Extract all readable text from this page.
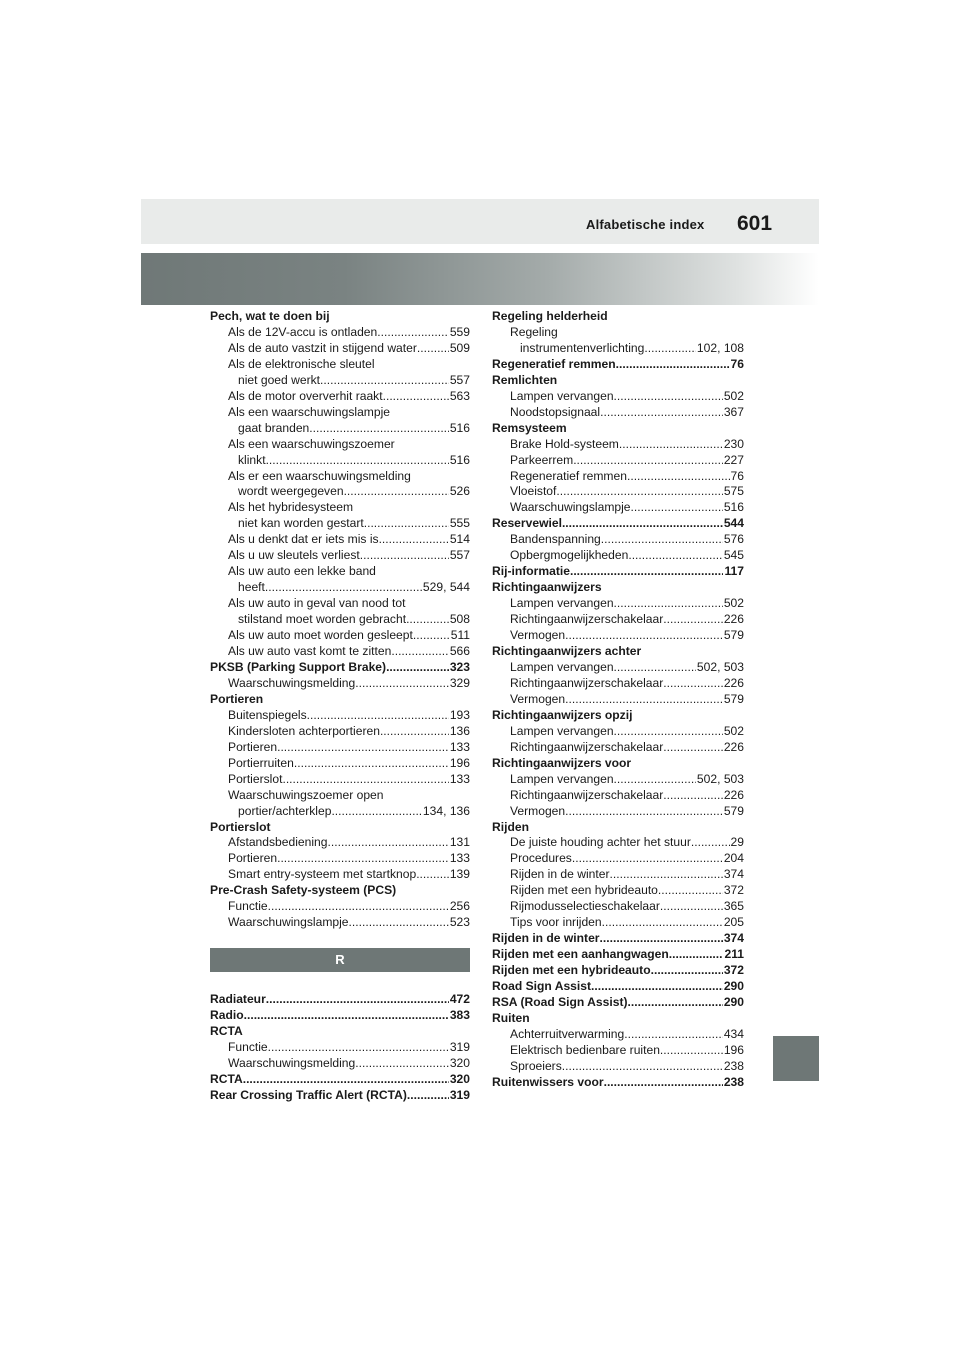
Alfabetische index 601
Pech, wat te doen bij
Als de 12V-accu is ontladen .....	559
Als de auto vastzit in stijgend water .....	509
Als de elektronische sleutel
niet goed werkt .....	557
Als de motor oververhit raakt .....	563
Als een waarschuwingslampje
gaat branden .....	516
Als een waarschuwingszoemer
klinkt .....	516
Als er een waarschuwingsmelding
wordt weergegeven .....	526
Als het hybridesysteem
niet kan worden gestart .....	555
Als u denkt dat er iets mis is .....	514
Als u uw sleutels verliest .....	557
Als uw auto een lekke band
heeft .....	529, 544
Als uw auto in geval van nood tot
stilstand moet worden gebracht .....	508
Als uw auto moet worden gesleept .....	511
Als uw auto vast komt te zitten .....	566
PKSB (Parking Support Brake) .....	323
Waarschuwingsmelding .....	329
Portieren
Buitenspiegels .....	193
Kindersloten achterportieren .....	136
Portieren .....	133
Portierruiten .....	196
Portierslot .....	133
Waarschuwingszoemer open
portier/achterklep .....	134, 136
Portierslot
Afstandsbediening .....	131
Portieren .....	133
Smart entry-systeem met startknop .....	139
Pre-Crash Safety-systeem (PCS)
Functie .....	256
Waarschuwingslampje .....	523
R
Radiateur .....	472
Radio .....	383
RCTA
Functie .....	319
Waarschuwingsmelding .....	320
RCTA .....	320
Rear Crossing Traffic Alert (RCTA) .....	319
Regeling helderheid
Regeling
instrumentenverlichting .....	102, 108
Regeneratief remmen .....	76
Remlichten
Lampen vervangen .....	502
Noodstopsignaal .....	367
Remsysteem
Brake Hold-systeem .....	230
Parkeerrem .....	227
Regeneratief remmen .....	76
Vloeistof .....	575
Waarschuwingslampje .....	516
Reservewiel .....	544
Bandenspanning .....	576
Opbergmogelijkheden .....	545
Rij-informatie .....	117
Richtingaanwijzers
Lampen vervangen .....	502
Richtingaanwijzerschakelaar .....	226
Vermogen .....	579
Richtingaanwijzers achter
Lampen vervangen .....	502, 503
Richtingaanwijzerschakelaar .....	226
Vermogen .....	579
Richtingaanwijzers opzij
Lampen vervangen .....	502
Richtingaanwijzerschakelaar .....	226
Richtingaanwijzers voor
Lampen vervangen .....	502, 503
Richtingaanwijzerschakelaar .....	226
Vermogen .....	579
Rijden
De juiste houding achter het stuur .....	29
Procedures .....	204
Rijden in de winter .....	374
Rijden met een hybrideauto .....	372
Rijmodusselectieschakelaar .....	365
Tips voor inrijden .....	205
Rijden in de winter .....	374
Rijden met een aanhangwagen .....	211
Rijden met een hybrideauto .....	372
Road Sign Assist .....	290
RSA (Road Sign Assist) .....	290
Ruiten
Achterruitverwarming .....	434
Elektrisch bedienbare ruiten .....	196
Sproeiers .....	238
Ruitenwissers voor .....	238
